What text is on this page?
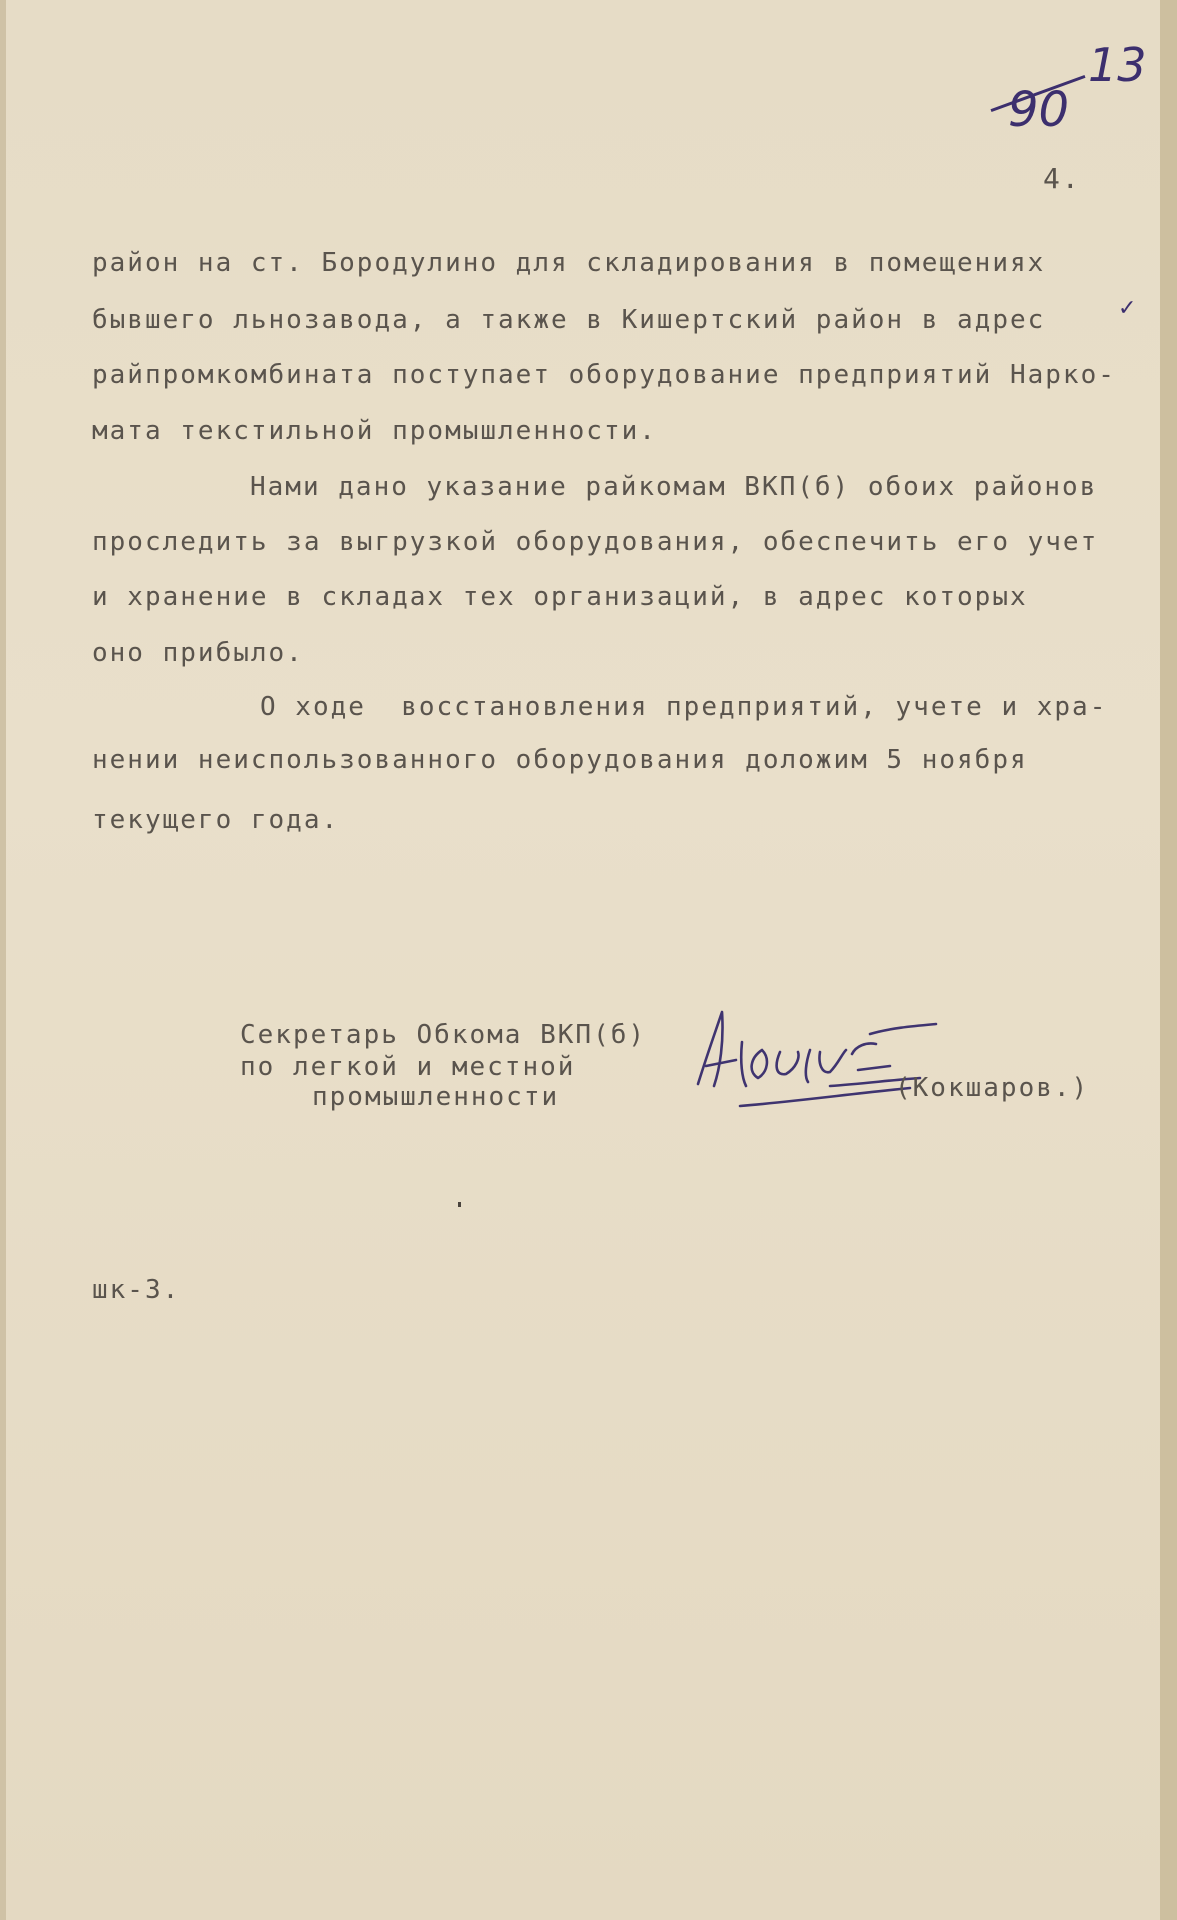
90
13
4.
✓
район на ст. Бородулино для складирования в помещениях
бывшего льнозавода, а также в Кишертский район в адрес
райпромкомбината поступает оборудование предприятий Нарко-
мата текстильной промышленности.
Нами дано указание райкомам ВКП(б) обоих районов
проследить за выгрузкой оборудования, обеспечить его учет
и хранение в складах тех организаций, в адрес которых
оно прибыло.
О ходе  восстановления предприятий, учете и хра-
нении неиспользованного оборудования доложим 5 ноября
текущего года.
Секретарь Обкома ВКП(б)
по легкой и местной
промышленности	(Кокшаров.)
шк-3.
